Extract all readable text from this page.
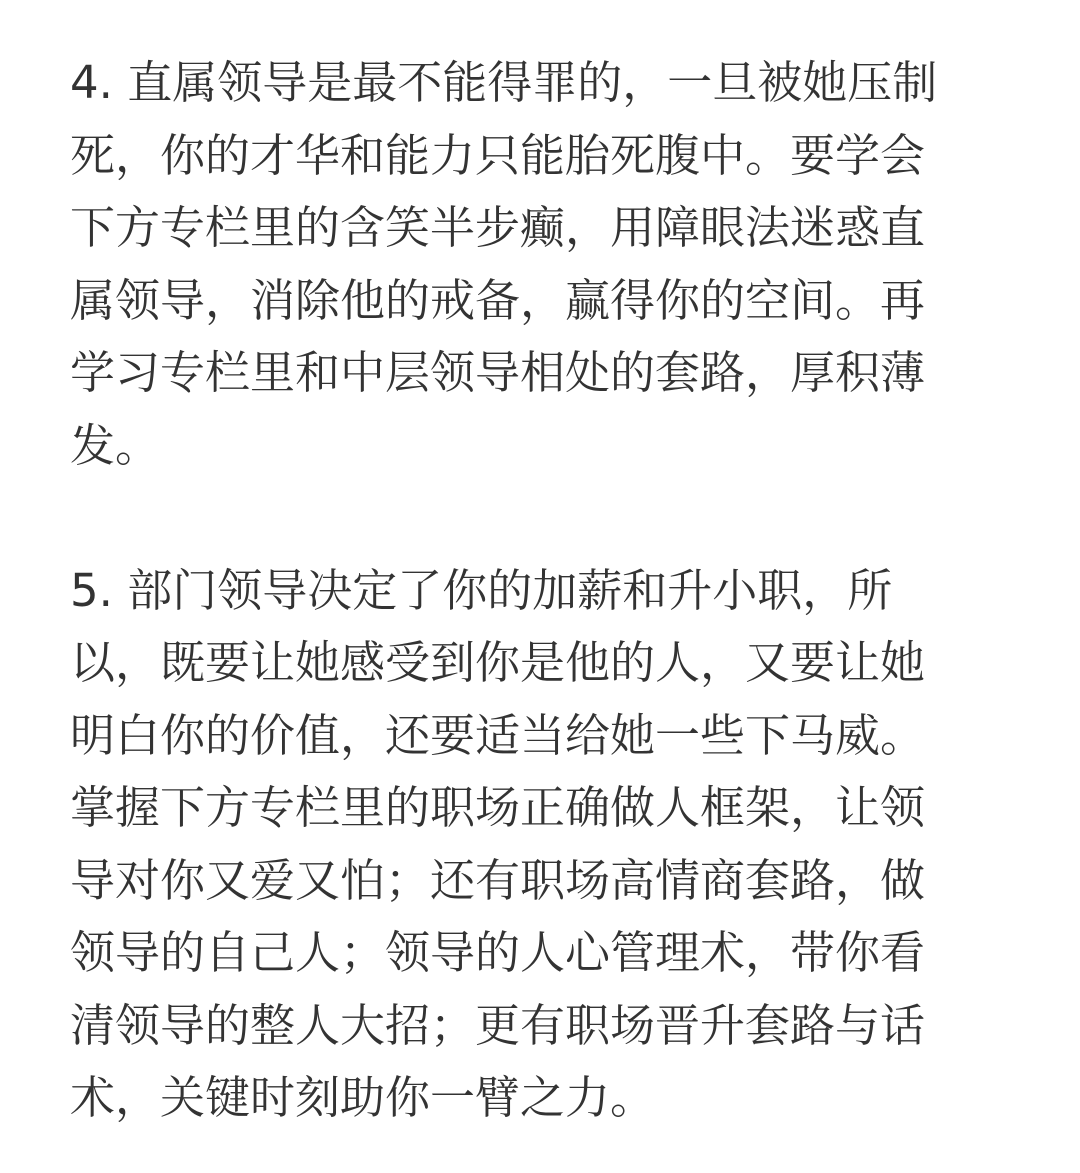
4. 直属领导是最不能得罪的，一旦被她压制
死，你的才华和能力只能胎死腹中。要学会
下方专栏里的含笑半步癫，用障眼法迷惑直
属领导，消除他的戒备，赢得你的空间。再
学习专栏里和中层领导相处的套路，厚积薄
发。
5. 部门领导决定了你的加薪和升小职，所
以，既要让她感受到你是他的人，又要让她
明白你的价值，还要适当给她一些下马威。
掌握下方专栏里的职场正确做人框架，让领
导对你又爱又怕；还有职场高情商套路，做
领导的自己人；领导的人心管理术，带你看
清领导的整人大招；更有职场晋升套路与话
术，关键时刻助你一臂之力。
